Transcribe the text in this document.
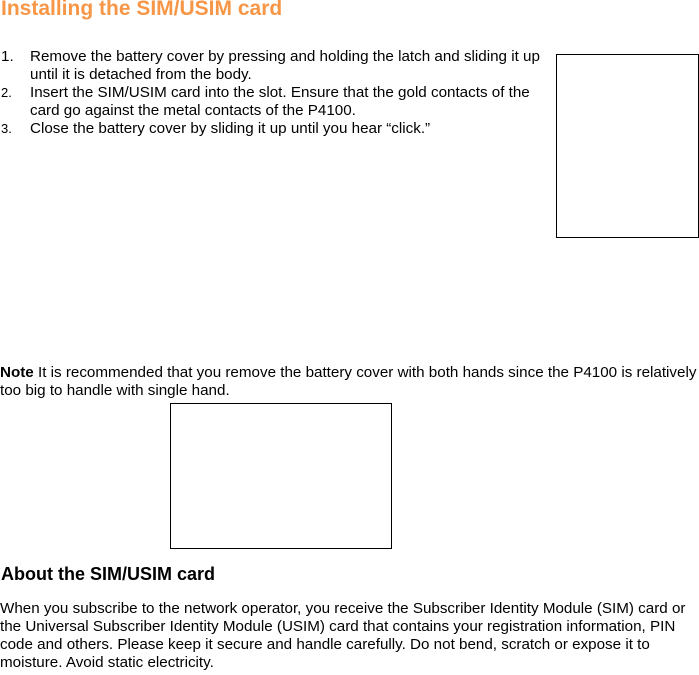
Installing the SIM/USIM card
1. Remove the battery cover by pressing and holding the latch and sliding it up until it is detached from the body.
2. Insert the SIM/USIM card into the slot. Ensure that the gold contacts of the card go against the metal contacts of the P4100.
3. Close the battery cover by sliding it up until you hear “click.”

Note It is recommended that you remove the battery cover with both hands since the P4100 is relatively too big to handle with single hand.

About the SIM/USIM card

When you subscribe to the network operator, you receive the Subscriber Identity Module (SIM) card or the Universal Subscriber Identity Module (USIM) card that contains your registration information, PIN code and others. Please keep it secure and handle carefully. Do not bend, scratch or expose it to moisture. Avoid static electricity.
